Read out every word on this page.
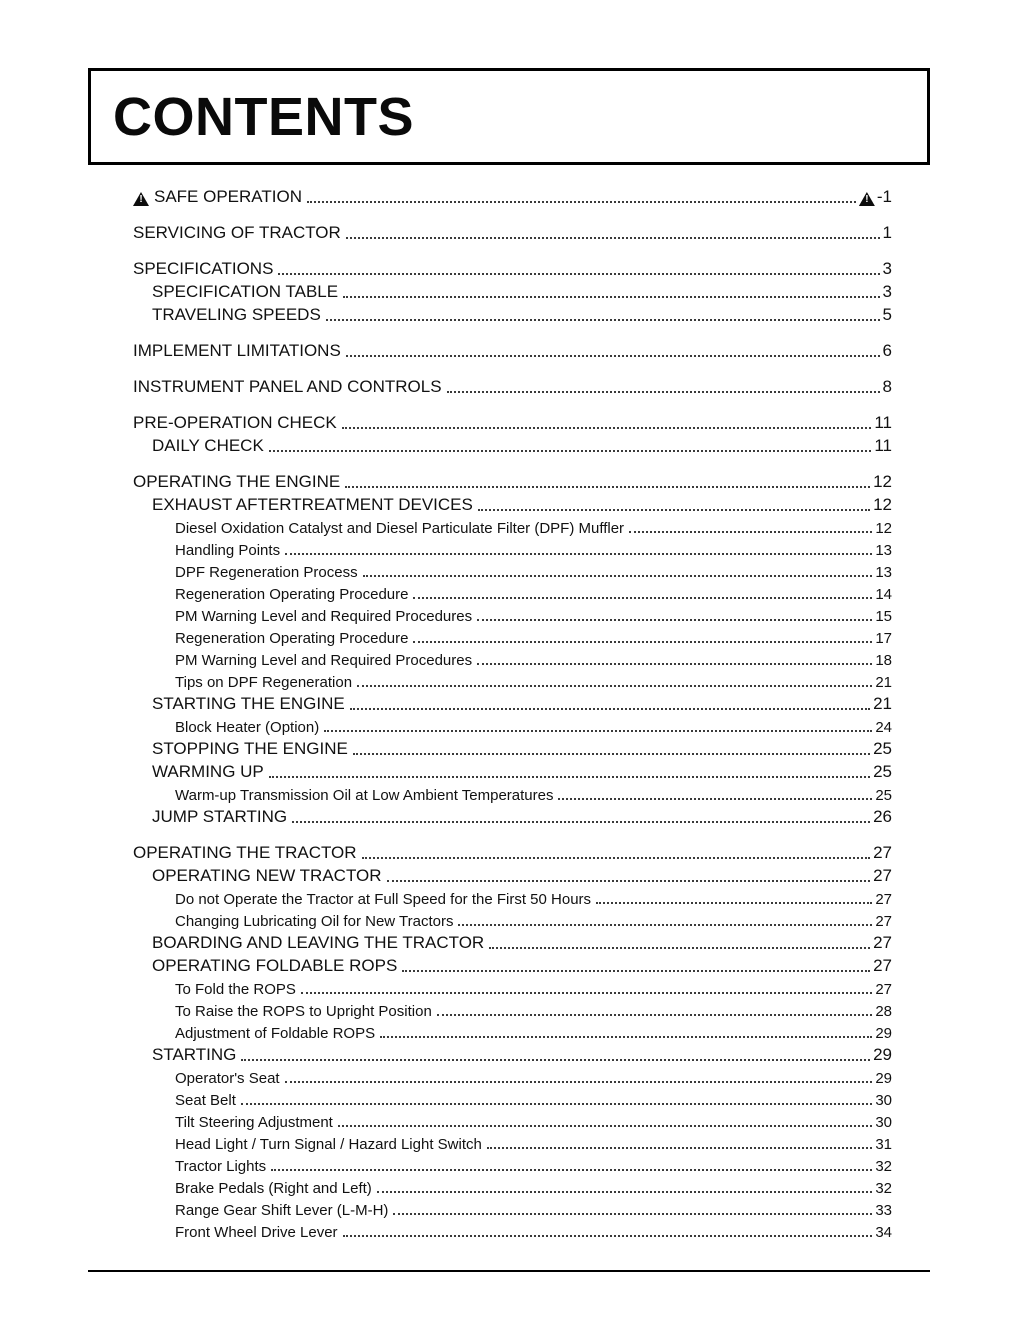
CONTENTS
!
SAFE OPERATION !	-1
SERVICING OF TRACTOR	1
SPECIFICATIONS	3
SPECIFICATION TABLE	3
TRAVELING SPEEDS	5
IMPLEMENT LIMITATIONS	6
INSTRUMENT PANEL AND CONTROLS	8
PRE-OPERATION CHECK	11
DAILY CHECK	11
OPERATING THE ENGINE	12
EXHAUST AFTERTREATMENT DEVICES	12
Diesel Oxidation Catalyst and Diesel Particulate Filter (DPF) Muffler	12
Handling Points	13
DPF Regeneration Process	13
Regeneration Operating Procedure	14
PM Warning Level and Required Procedures	15
Regeneration Operating Procedure	17
PM Warning Level and Required Procedures	18
Tips on DPF Regeneration	21
STARTING THE ENGINE	21
Block Heater (Option)	24
STOPPING THE ENGINE	25
WARMING UP	25
Warm-up Transmission Oil at Low Ambient Temperatures	25
JUMP STARTING	26
OPERATING THE TRACTOR	27
OPERATING NEW TRACTOR	27
Do not Operate the Tractor at Full Speed for the First 50 Hours	27
Changing Lubricating Oil for New Tractors	27
BOARDING AND LEAVING THE TRACTOR	27
OPERATING FOLDABLE ROPS	27
To Fold the ROPS	27
To Raise the ROPS to Upright Position	28
Adjustment of Foldable ROPS	29
STARTING	29
Operator's Seat	29
Seat Belt	30
Tilt Steering Adjustment	30
Head Light / Turn Signal / Hazard Light Switch	31
Tractor Lights	32
Brake Pedals (Right and Left)	32
Range Gear Shift Lever (L-M-H)	33
Front Wheel Drive Lever	34
